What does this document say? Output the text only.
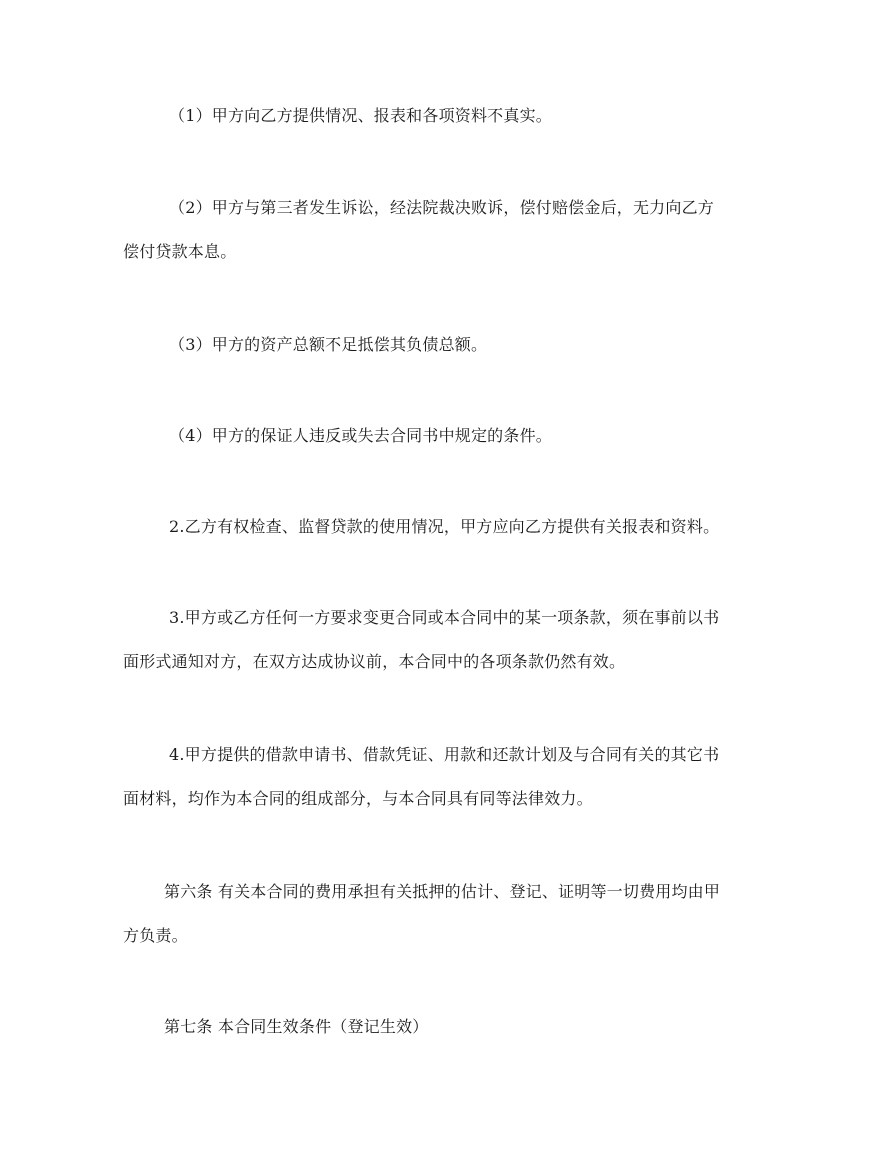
（1）甲方向乙方提供情况、报表和各项资料不真实。
（2）甲方与第三者发生诉讼，经法院裁决败诉，偿付赔偿金后，无力向乙方
偿付贷款本息。
（3）甲方的资产总额不足抵偿其负债总额。
（4）甲方的保证人违反或失去合同书中规定的条件。
2.乙方有权检查、监督贷款的使用情况，甲方应向乙方提供有关报表和资料。
3.甲方或乙方任何一方要求变更合同或本合同中的某一项条款，须在事前以书
面形式通知对方，在双方达成协议前，本合同中的各项条款仍然有效。
4.甲方提供的借款申请书、借款凭证、用款和还款计划及与合同有关的其它书
面材料，均作为本合同的组成部分，与本合同具有同等法律效力。
第六条 有关本合同的费用承担有关抵押的估计、登记、证明等一切费用均由甲
方负责。
第七条 本合同生效条件（登记生效）
